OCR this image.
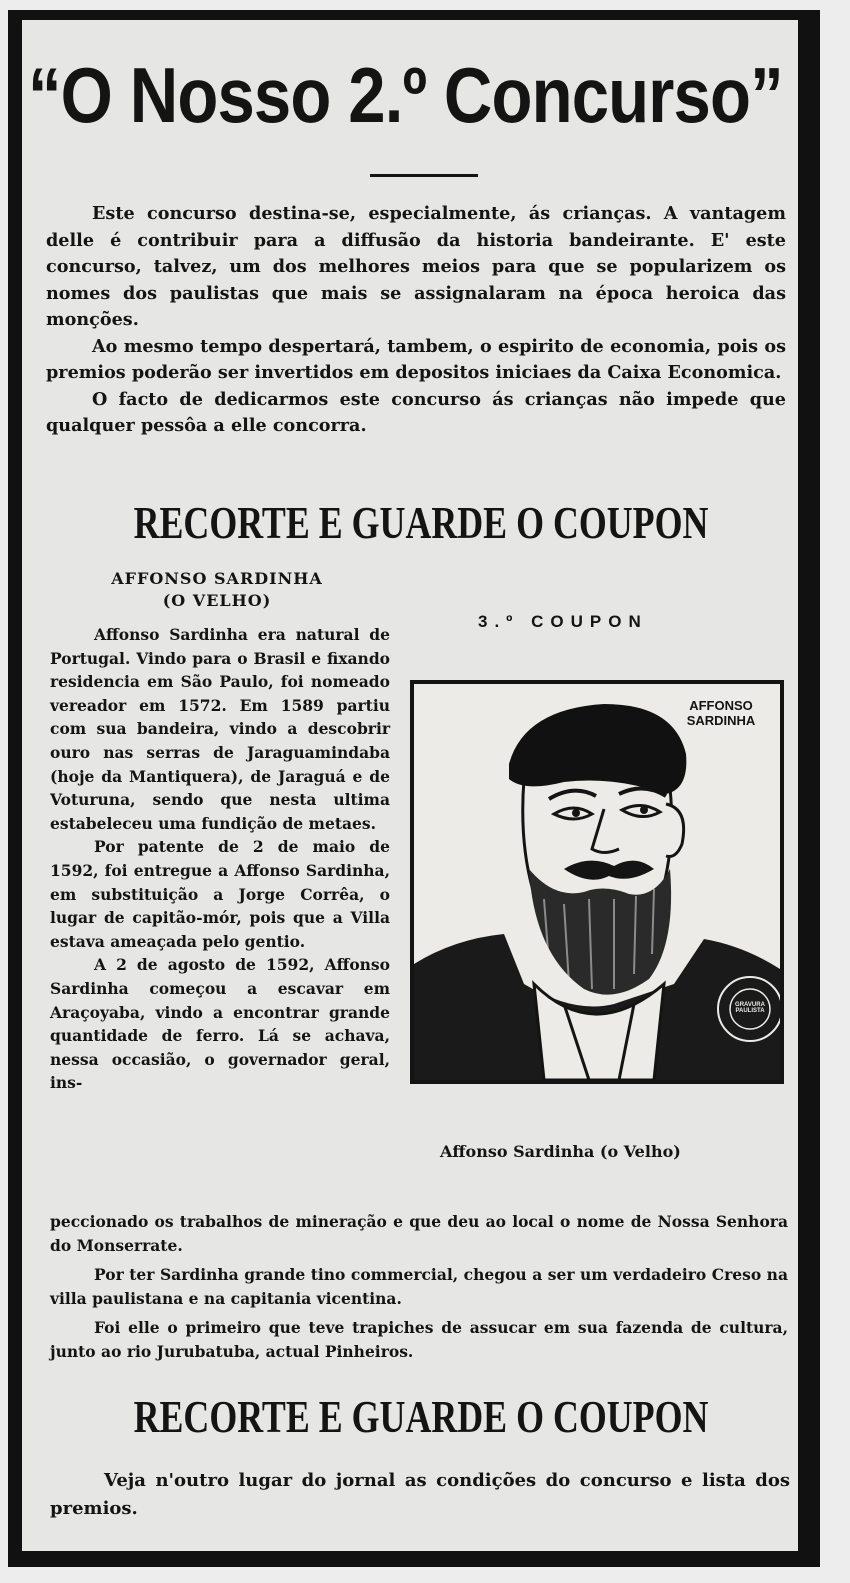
“O Nosso 2.º Concurso”

Este concurso destina-se, especialmente, ás crianças. A vantagem delle é contribuir para a diffusão da historia bandeirante. E' este concurso, talvez, um dos melhores meios para que se popularizem os nomes dos paulistas que mais se assignalaram na época heroica das monções.

Ao mesmo tempo despertará, tambem, o espirito de economia, pois os premios poderão ser invertidos em depositos iniciaes da Caixa Economica.

O facto de dedicarmos este concurso ás crianças não impede que qualquer pessôa a elle concorra.

RECORTE E GUARDE O COUPON
AFFONSO SARDINHA
(O VELHO)

Affonso Sardinha era natural de Portugal. Vindo para o Brasil e fixando residencia em São Paulo, foi nomeado vereador em 1572. Em 1589 partiu com sua bandeira, vindo a descobrir ouro nas serras de Jaraguamindaba (hoje da Mantiquera), de Jaraguá e de Voturuna, sendo que nesta ultima estabeleceu uma fundição de metaes.

Por patente de 2 de maio de 1592, foi entregue a Affonso Sardinha, em substituição a Jorge Corrêa, o lugar de capitão-mór, pois que a Villa estava ameaçada pelo gentio.

A 2 de agosto de 1592, Affonso Sardinha começou a escavar em Araçoyaba, vindo a encontrar grande quantidade de ferro. Lá se achava, nessa occasião, o governador geral, ins-

peccionado os trabalhos de mineração e que deu ao local o nome de Nossa Senhora do Monserrate.

Por ter Sardinha grande tino commercial, chegou a ser um verdadeiro Creso na villa paulistana e na capitania vicentina.

Foi elle o primeiro que teve trapiches de assucar em sua fazenda de cultura, junto ao rio Jurubatuba, actual Pinheiros.

3.º COUPON
AFFONSO
SARDINHA
GRAVURA PAULISTA
Affonso Sardinha (o Velho)
RECORTE E GUARDE O COUPON

Veja n'outro lugar do jornal as condições do concurso e lista dos premios.
